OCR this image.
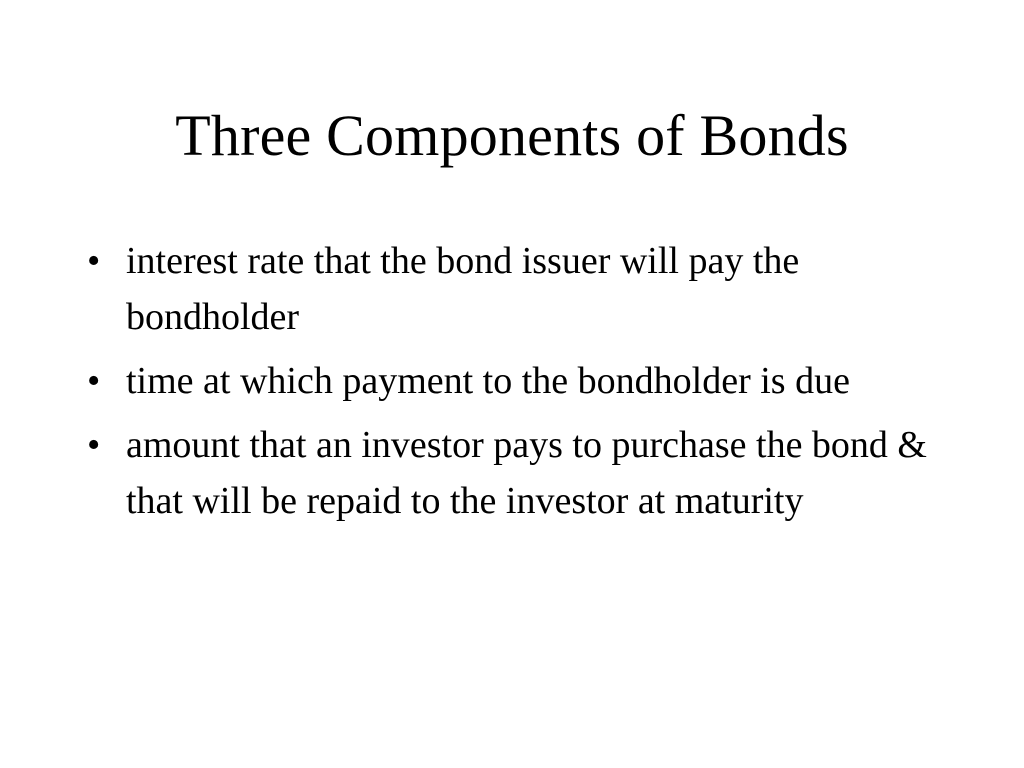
Three Components of Bonds
• interest rate that the bond issuer will pay the bondholder
• time at which payment to the bondholder is due
• amount that an investor pays to purchase the bond & that will be repaid to the investor at maturity
